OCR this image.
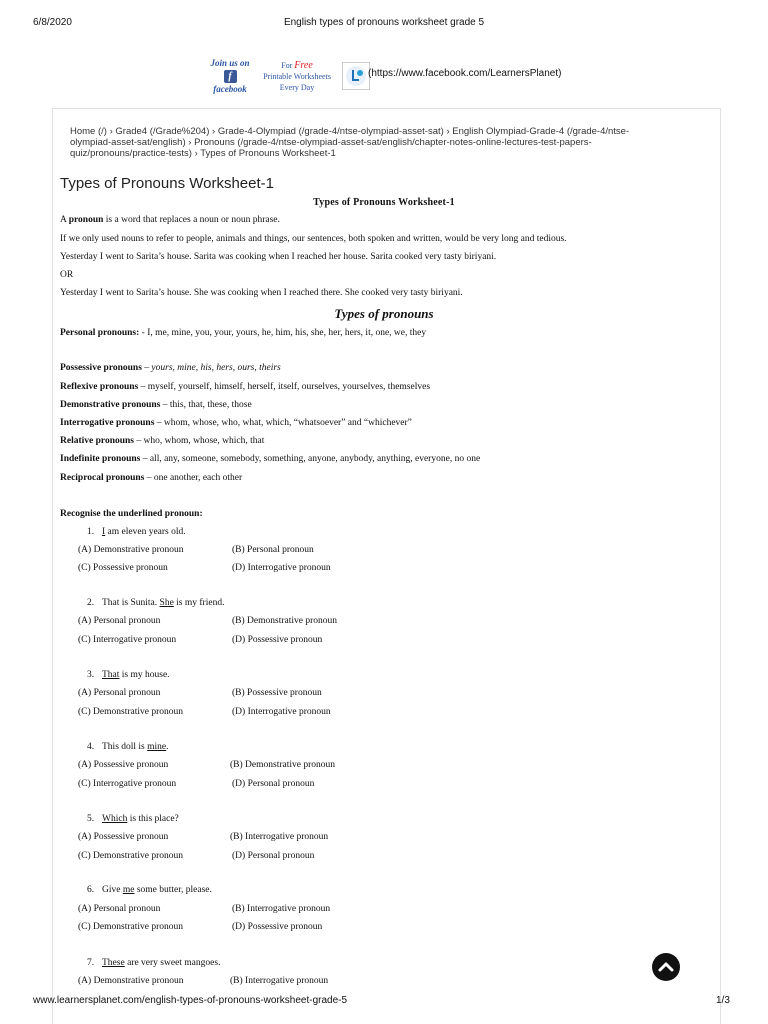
6/8/2020	English types of pronouns worksheet grade 5
Join us on
f
facebook
For Free
Printable Worksheets
Every Day
(https://www.facebook.com/LearnersPlanet)
Home (/) › Grade4 (/Grade%204) › Grade-4-Olympiad (/grade-4/ntse-olympiad-asset-sat) › English Olympiad-Grade-4 (/grade-4/ntse-
olympiad-asset-sat/english) › Pronouns (/grade-4/ntse-olympiad-asset-sat/english/chapter-notes-online-lectures-test-papers-
quiz/pronouns/practice-tests) › Types of Pronouns Worksheet-1
Types of Pronouns Worksheet-1
Types of Pronouns Worksheet-1
A pronoun is a word that replaces a noun or noun phrase.
If we only used nouns to refer to people, animals and things, our sentences, both spoken and written, would be very long and tedious.
Yesterday I went to Sarita’s house. Sarita was cooking when I reached her house. Sarita cooked very tasty biriyani.
OR
Yesterday I went to Sarita’s house. She was cooking when I reached there. She cooked very tasty biriyani.
Types of pronouns
Personal pronouns: - I, me, mine, you, your, yours, he, him, his, she, her, hers, it, one, we, they
Possessive pronouns – yours, mine, his, hers, ours, theirs
Reflexive pronouns – myself, yourself, himself, herself, itself, ourselves, yourselves, themselves
Demonstrative pronouns – this, that, these, those
Interrogative pronouns – whom, whose, who, what, which, “whatsoever” and “whichever”
Relative pronouns – who, whom, whose, which, that
Indefinite pronouns – all, any, someone, somebody, something, anyone, anybody, anything, everyone, no one
Reciprocal pronouns – one another, each other
Recognise the underlined pronoun:
1. I am eleven years old.
(A) Demonstrative pronoun	(B) Personal pronoun
(C) Possessive pronoun	(D) Interrogative pronoun
2. That is Sunita. She is my friend.
(A) Personal pronoun	(B) Demonstrative pronoun
(C) Interrogative pronoun	(D) Possessive pronoun
3. That is my house.
(A) Personal pronoun	(B) Possessive pronoun
(C) Demonstrative pronoun	(D) Interrogative pronoun
4. This doll is mine.
(A) Possessive pronoun	(B) Demonstrative pronoun
(C) Interrogative pronoun	(D) Personal pronoun
5. Which is this place?
(A) Possessive pronoun	(B) Interrogative pronoun
(C) Demonstrative pronoun	(D) Personal pronoun
6. Give me some butter, please.
(A) Personal pronoun	(B) Interrogative pronoun
(C) Demonstrative pronoun	(D) Possessive pronoun
7. These are very sweet mangoes.
(A) Demonstrative pronoun	(B) Interrogative pronoun
www.learnersplanet.com/english-types-of-pronouns-worksheet-grade-5	1/3
